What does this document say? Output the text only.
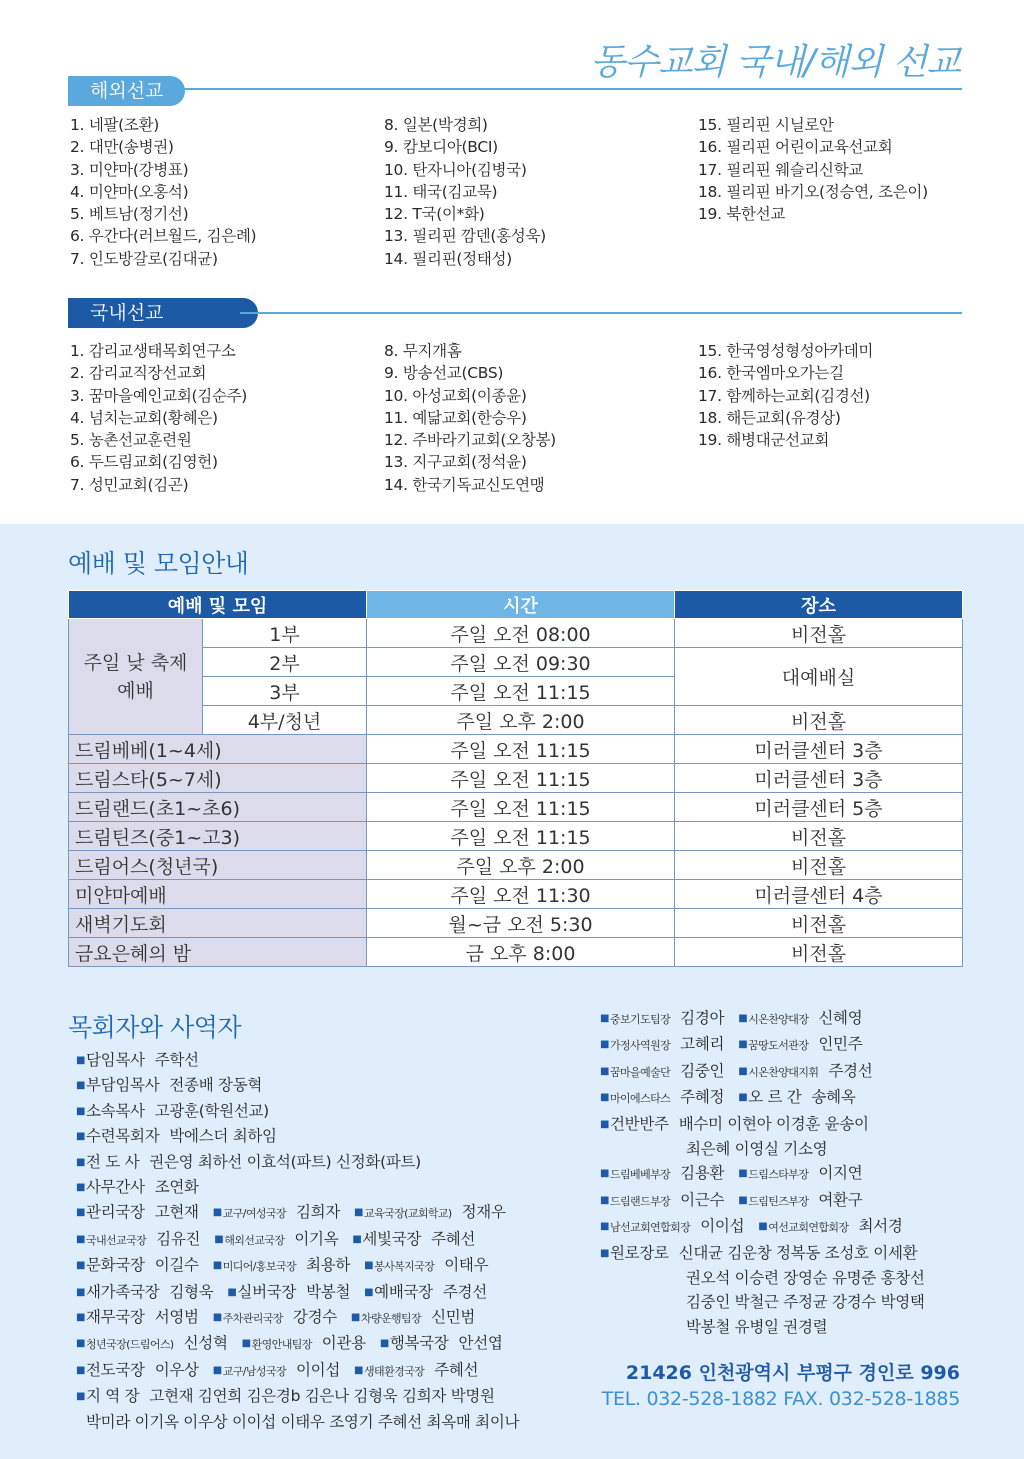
동수교회 국내/해외 선교
해외선교
1. 네팔(조환)
2. 대만(송병권)
3. 미얀마(강병표)
4. 미얀마(오홍석)
5. 베트남(정기선)
6. 우간다(러브월드, 김은례)
7. 인도방갈로(김대균)
8. 일본(박경희)
9. 캄보디아(BCI)
10. 탄자니아(김병국)
11. 태국(김교묵)
12. T국(이*화)
13. 필리핀 깜덴(홍성욱)
14. 필리핀(정태성)
15. 필리핀 시닐로안
16. 필리핀 어린이교육선교회
17. 필리핀 웨슬리신학교
18. 필리핀 바기오(정승연, 조은이)
19. 북한선교
국내선교
1. 감리교생태목회연구소
2. 감리교직장선교회
3. 꿈마을예인교회(김순주)
4. 넘치는교회(황혜은)
5. 농촌선교훈련원
6. 두드림교회(김영헌)
7. 성민교회(김곤)
8. 무지개홈
9. 방송선교(CBS)
10. 아성교회(이종윤)
11. 예닮교회(한승우)
12. 주바라기교회(오창봉)
13. 지구교회(정석윤)
14. 한국기독교신도연맹
15. 한국영성형성아카데미
16. 한국엠마오가는길
17. 함께하는교회(김경선)
18. 해든교회(유경상)
19. 해병대군선교회
예배 및 모임안내
예배 및 모임		시간	장소

주일 낮 축제
예배	1부	주일 오전 08:00	비전홀
	2부	주일 오전 09:30	대예배실
	3부	주일 오전 11:15	
	4부/청년	주일 오후 2:00	비전홀
드림베베(1~4세)		주일 오전 11:15	미러클센터 3층
드림스타(5~7세)		주일 오전 11:15	미러클센터 3층
드림랜드(초1~초6)		주일 오전 11:15	미러클센터 5층
드림틴즈(중1~고3)		주일 오전 11:15	비전홀
드림어스(청년국)		주일 오후 2:00	비전홀
미얀마예배		주일 오전 11:30	미러클센터 4층
새벽기도회		월~금 오전 5:30	비전홀
금요은혜의 밤		금 오후 8:00	비전홀
목회자와 사역자
■담임목사 주학선
■부담임목사 전종배 장동혁
■소속목사 고광훈(학원선교)
■수련목회자 박에스더 최하임
■전 도 사 권은영 최하선 이효석(파트) 신정화(파트)
■사무간사 조연화
■관리국장 고현재 ■교구/여성국장 김희자 ■교육국장(교회학교) 정재우
■국내선교국장 김유진 ■해외선교국장 이기옥 ■세빛국장 주혜선
■문화국장 이길수 ■미디어/홍보국장 최용하 ■봉사복지국장 이태우
■새가족국장 김형욱 ■실버국장 박봉철 ■예배국장 주경선
■재무국장 서영범 ■주차관리국장 강경수 ■차량운행팀장 신민범
■청년국장(드림어스) 신성혁 ■환영안내팀장 이관용 ■행복국장 안선엽
■전도국장 이우상 ■교구/남성국장 이이섭 ■생태환경국장 주혜선
■지 역 장 고현재 김연희 김은경b 김은나 김형욱 김희자 박명원
박미라 이기옥 이우상 이이섭 이태우 조영기 주혜선 최옥매 최이나
■중보기도팀장 김경아 ■시온찬양대장 신혜영
■가정사역원장 고혜리 ■꿈땅도서관장 인민주
■꿈마을예술단 김중인 ■시온찬양대지휘 주경선
■마이에스타스 주혜정 ■오 르 간 송혜옥
■건반반주 배수미 이현아 이경훈 윤송이
최은혜 이영실 기소영
■드림베베부장 김용환 ■드림스타부장 이지연
■드림랜드부장 이근수 ■드림틴즈부장 여환구
■남선교회연합회장 이이섭 ■여선교회연합회장 최서경
■원로장로 신대균 김운창 정복동 조성호 이세환
권오석 이승련 장영순 유명준 홍창선
김중인 박철근 주정균 강경수 박영택
박봉철 유병일 권경렬
21426 인천광역시 부평구 경인로 996
TEL. 032-528-1882 FAX. 032-528-1885
